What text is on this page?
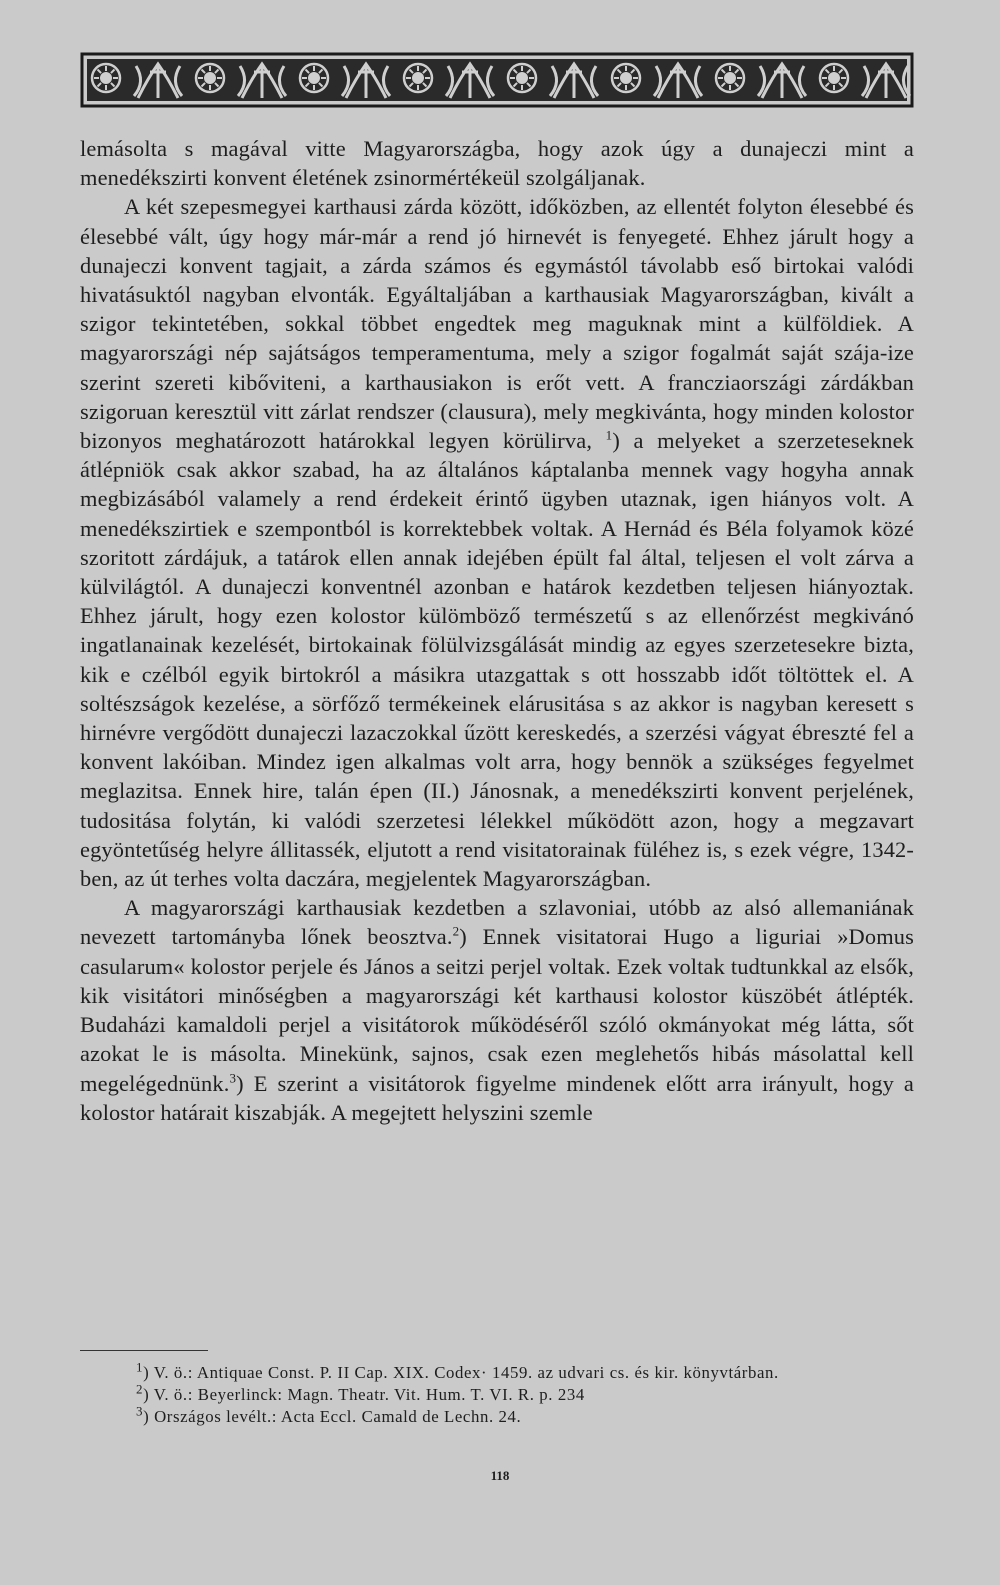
lemásolta s magával vitte Magyarországba, hogy azok úgy a dunajeczi mint a menedékszirti konvent életének zsinormértékeül szolgáljanak.

A két szepesmegyei karthausi zárda között, időközben, az ellentét folyton élesebbé és élesebbé vált, úgy hogy már-már a rend jó hirnevét is fenyegeté. Ehhez járult hogy a dunajeczi konvent tagjait, a zárda számos és egymástól távolabb eső birtokai valódi hivatásuktól nagyban elvonták. Egyáltaljában a karthausiak Magyarországban, kivált a szigor tekintetében, sokkal többet engedtek meg maguknak mint a külföldiek. A magyarországi nép sajátságos temperamentuma, mely a szigor fogalmát saját szája-ize szerint szereti kibőviteni, a karthausiakon is erőt vett. A francziaországi zárdákban szigoruan keresztül vitt zárlat rendszer (clausura), mely megkivánta, hogy minden kolostor bizonyos meghatározott határokkal legyen körülirva, $^1$) a melyeket a szerzeteseknek átlépniök csak akkor szabad, ha az általános káptalanba mennek vagy hogyha annak megbizásából valamely a rend érdekeit érintő ügyben utaznak, igen hiányos volt. A menedékszirtiek e szempontból is korrektebbek voltak. A Hernád és Béla folyamok közé szoritott zárdájuk, a tatárok ellen annak idejében épült fal által, teljesen el volt zárva a külvilágtól. A dunajeczi konventnél azonban e határok kezdetben teljesen hiányoztak. Ehhez járult, hogy ezen kolostor külömböző természetű s az ellenőrzést megkivánó ingatlanainak kezelését, birtokainak fölülvizsgálását mindig az egyes szerzetesekre bizta, kik e czélból egyik birtokról a másikra utazgattak s ott hosszabb időt töltöttek el. A soltészságok kezelése, a sörfőző termékeinek elárusitása s az akkor is nagyban keresett s hirnévre vergődött dunajeczi lazaczokkal űzött kereskedés, a szerzési vágyat ébreszté fel a konvent lakóiban. Mindez igen alkalmas volt arra, hogy bennök a szükséges fegyelmet meglazitsa. Ennek hire, talán épen (II.) Jánosnak, a menedékszirti konvent perjelének, tudositása folytán, ki valódi szerzetesi lélekkel működött azon, hogy a megzavart egyöntetűség helyre állitassék, eljutott a rend visitatorainak füléhez is, s ezek végre, 1342-ben, az út terhes volta daczára, megjelentek Magyarországban.

A magyarországi karthausiak kezdetben a szlavoniai, utóbb az alsó allemaniának nevezett tartományba lőnek beosztva.$^2$) Ennek visitatorai Hugo a liguriai »Domus casularum« kolostor perjele és János a seitzi perjel voltak. Ezek voltak tudtunkkal az elsők, kik visitátori minőségben a magyarországi két karthausi kolostor küszöbét átlépték. Budaházi kamaldoli perjel a visitátorok működéséről szóló okmányokat még látta, sőt azokat le is másolta. Minekünk, sajnos, csak ezen meglehetős hibás másolattal kell megelégednünk.$^3$) E szerint a visitátorok figyelme mindenek előtt arra irányult, hogy a kolostor határait kiszabják. A megejtett helyszini szemle

$^1$) V. ö.: Antiquae Const. P. II Cap. XIX. Codex· 1459. az udvari cs. és kir. könyvtárban.

$^2$) V. ö.: Beyerlinck: Magn. Theatr. Vit. Hum. T. VI. R. p. 234

$^3$) Országos levélt.: Acta Eccl. Camald de Lechn. 24.

118
